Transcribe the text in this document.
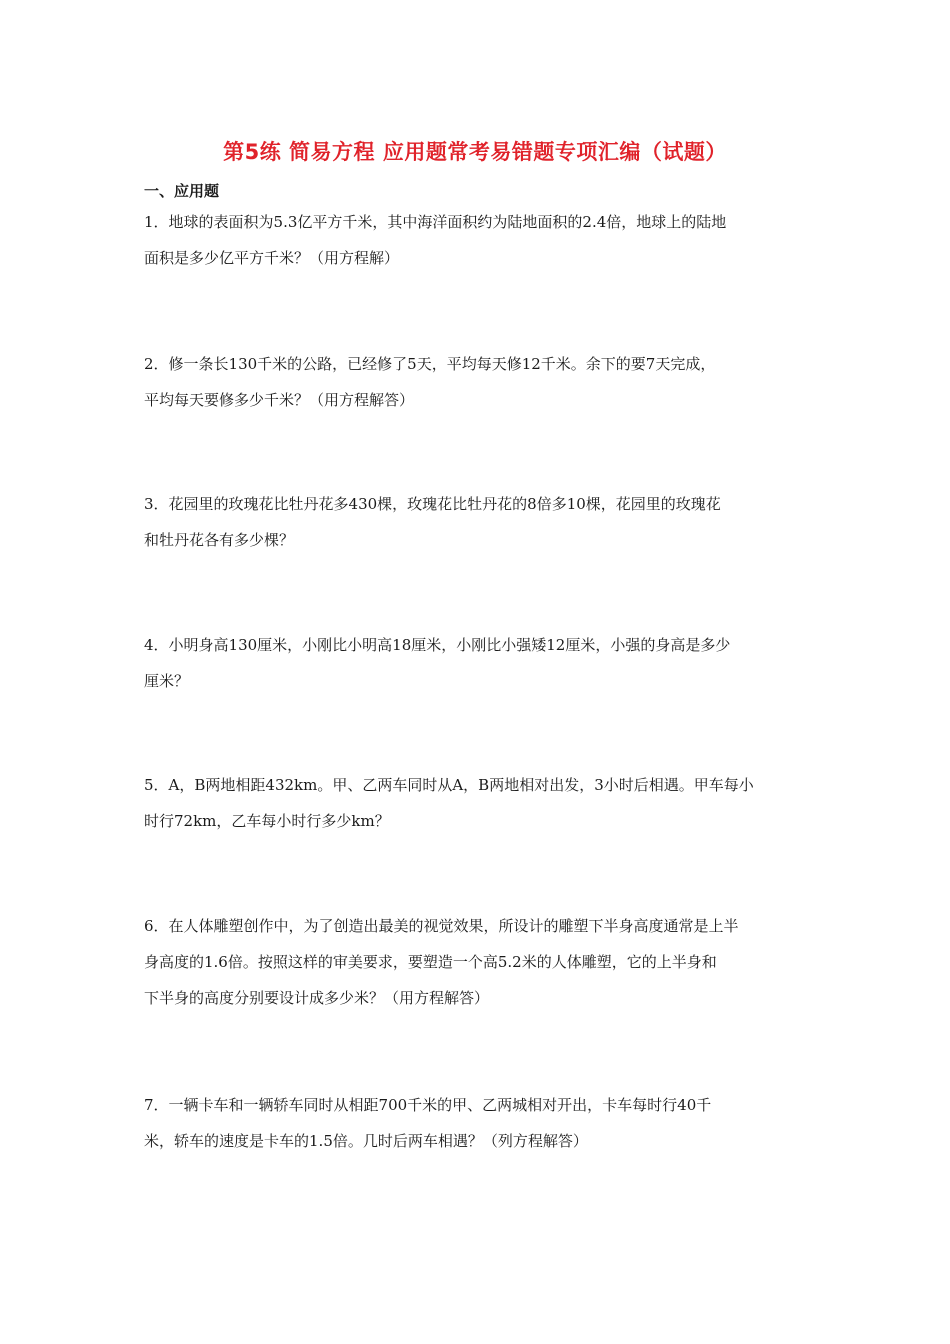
第5练 简易方程 应用题常考易错题专项汇编（试题）
一、应用题
1．地球的表面积为5.3亿平方千米，其中海洋面积约为陆地面积的2.4倍，地球上的陆地
面积是多少亿平方千米？（用方程解）
2．修一条长130千米的公路，已经修了5天，平均每天修12千米。余下的要7天完成，
平均每天要修多少千米？（用方程解答）
3．花园里的玫瑰花比牡丹花多430棵，玫瑰花比牡丹花的8倍多10棵，花园里的玫瑰花
和牡丹花各有多少棵？
4．小明身高130厘米，小刚比小明高18厘米，小刚比小强矮12厘米，小强的身高是多少
厘米？
5．A，B两地相距432km。甲、乙两车同时从A，B两地相对出发，3小时后相遇。甲车每小
时行72km，乙车每小时行多少km？
6．在人体雕塑创作中，为了创造出最美的视觉效果，所设计的雕塑下半身高度通常是上半
身高度的1.6倍。按照这样的审美要求，要塑造一个高5.2米的人体雕塑，它的上半身和
下半身的高度分别要设计成多少米？（用方程解答）
7．一辆卡车和一辆轿车同时从相距700千米的甲、乙两城相对开出，卡车每时行40千
米，轿车的速度是卡车的1.5倍。几时后两车相遇？（列方程解答）
